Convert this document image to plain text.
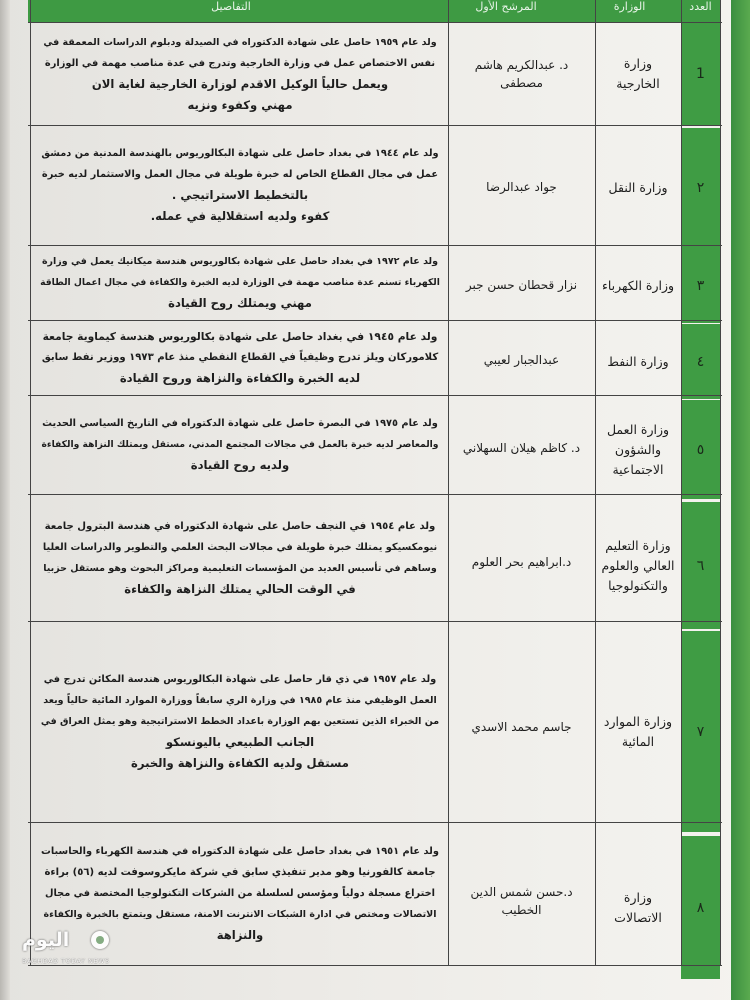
العدد
الوزارة
المرشح الأول
التفاصيل
1
وزارة الخارجية
د. عبدالكريم هاشم مصطفى
ولد عام ١٩٥٩ حاصل على شهادة الدكتوراه في الصيدلة ودبلوم الدراسات المعمقة في
نفس الاختصاص عمل في وزارة الخارجية وتدرج في عدة مناصب مهمة في الوزارة
ويعمل حالياً الوكيل الاقدم لوزارة الخارجية لغاية الان
مهني وكفوء ونزيه
٢
وزارة النقل
جواد عبدالرضا
ولد عام ١٩٤٤ في بغداد حاصل على شهادة البكالوريوس بالهندسة المدنية من دمشق
عمل في مجال القطاع الخاص له خبرة طويلة في مجال العمل والاستثمار لديه خبرة
بالتخطيط الاستراتيجي .
كفوء ولديه استقلالية في عمله.
٣
وزارة الكهرباء
نزار قحطان حسن جبر
ولد عام ١٩٧٢ في بغداد حاصل على شهادة بكالوريوس هندسة ميكانيك يعمل في وزارة
الكهرباء تسنم عدة مناصب مهمة في الوزارة لديه الخبرة والكفاءة في مجال اعمال الطاقة
مهني ويمتلك روح القيادة
٤
وزارة النفط
عبدالجبار لعيبي
ولد عام ١٩٤٥ في بغداد حاصل على شهادة بكالوريوس هندسة كيماوية جامعة
كلاموركان ويلز تدرج وظيفياً في القطاع النفطي منذ عام ١٩٧٣ ووزير نفط سابق
لديه الخبرة والكفاءة والنزاهة وروح القيادة
٥
وزارة العمل والشؤون الاجتماعية
د. كاظم هيلان السهلاني
ولد عام ١٩٧٥ في البصرة حاصل على شهادة الدكتوراه في التاريخ السياسي الحديث
والمعاصر لديه خبرة بالعمل في مجالات المجتمع المدني، مستقل ويمتلك النزاهة والكفاءة
ولديه روح القيادة
٦
وزارة التعليم العالي والعلوم والتكنولوجيا
د.ابراهيم بحر العلوم
ولد عام ١٩٥٤ في النجف حاصل على شهادة الدكتوراه في هندسة البترول جامعة
نيومكسيكو يمتلك خبرة طويلة في مجالات البحث العلمي والتطوير والدراسات العليا
وساهم في تأسيس العديد من المؤسسات التعليمية ومراكز البحوث وهو مستقل حزبيا
في الوقت الحالي يمتلك النزاهة والكفاءة
٧
وزارة الموارد المائية
جاسم محمد الاسدي
ولد عام ١٩٥٧ في ذي قار حاصل على شهادة البكالوريوس هندسة المكائن تدرج في
العمل الوظيفي منذ عام ١٩٨٥ في وزارة الري سابقاً ووزارة الموارد المائية حالياً ويعد
من الخبراء الذين تستعين بهم الوزارة باعداد الخطط الاستراتيجية وهو يمثل العراق في
الجانب الطبيعي باليونسكو
مستقل ولديه الكفاءة والنزاهة والخبرة
٨
وزارة الاتصالات
د.حسن شمس الدين الخطيب
ولد عام ١٩٥١ في بغداد حاصل على شهادة الدكتوراه في هندسة الكهرباء والحاسبات
جامعة كالفورنيا وهو مدير تنفيذي سابق في شركة مايكروسوفت لديه (٥٦) براءة
اختراع مسجلة دولياً ومؤسس لسلسلة من الشركات التكنولوجيا المختصة في مجال
الاتصالات ومختص في ادارة الشبكات الانترنت الامنة، مستقل ويتمتع بالخبرة والكفاءة
والنزاهة
اليوم
BAGHDAD TODAY NEWS
